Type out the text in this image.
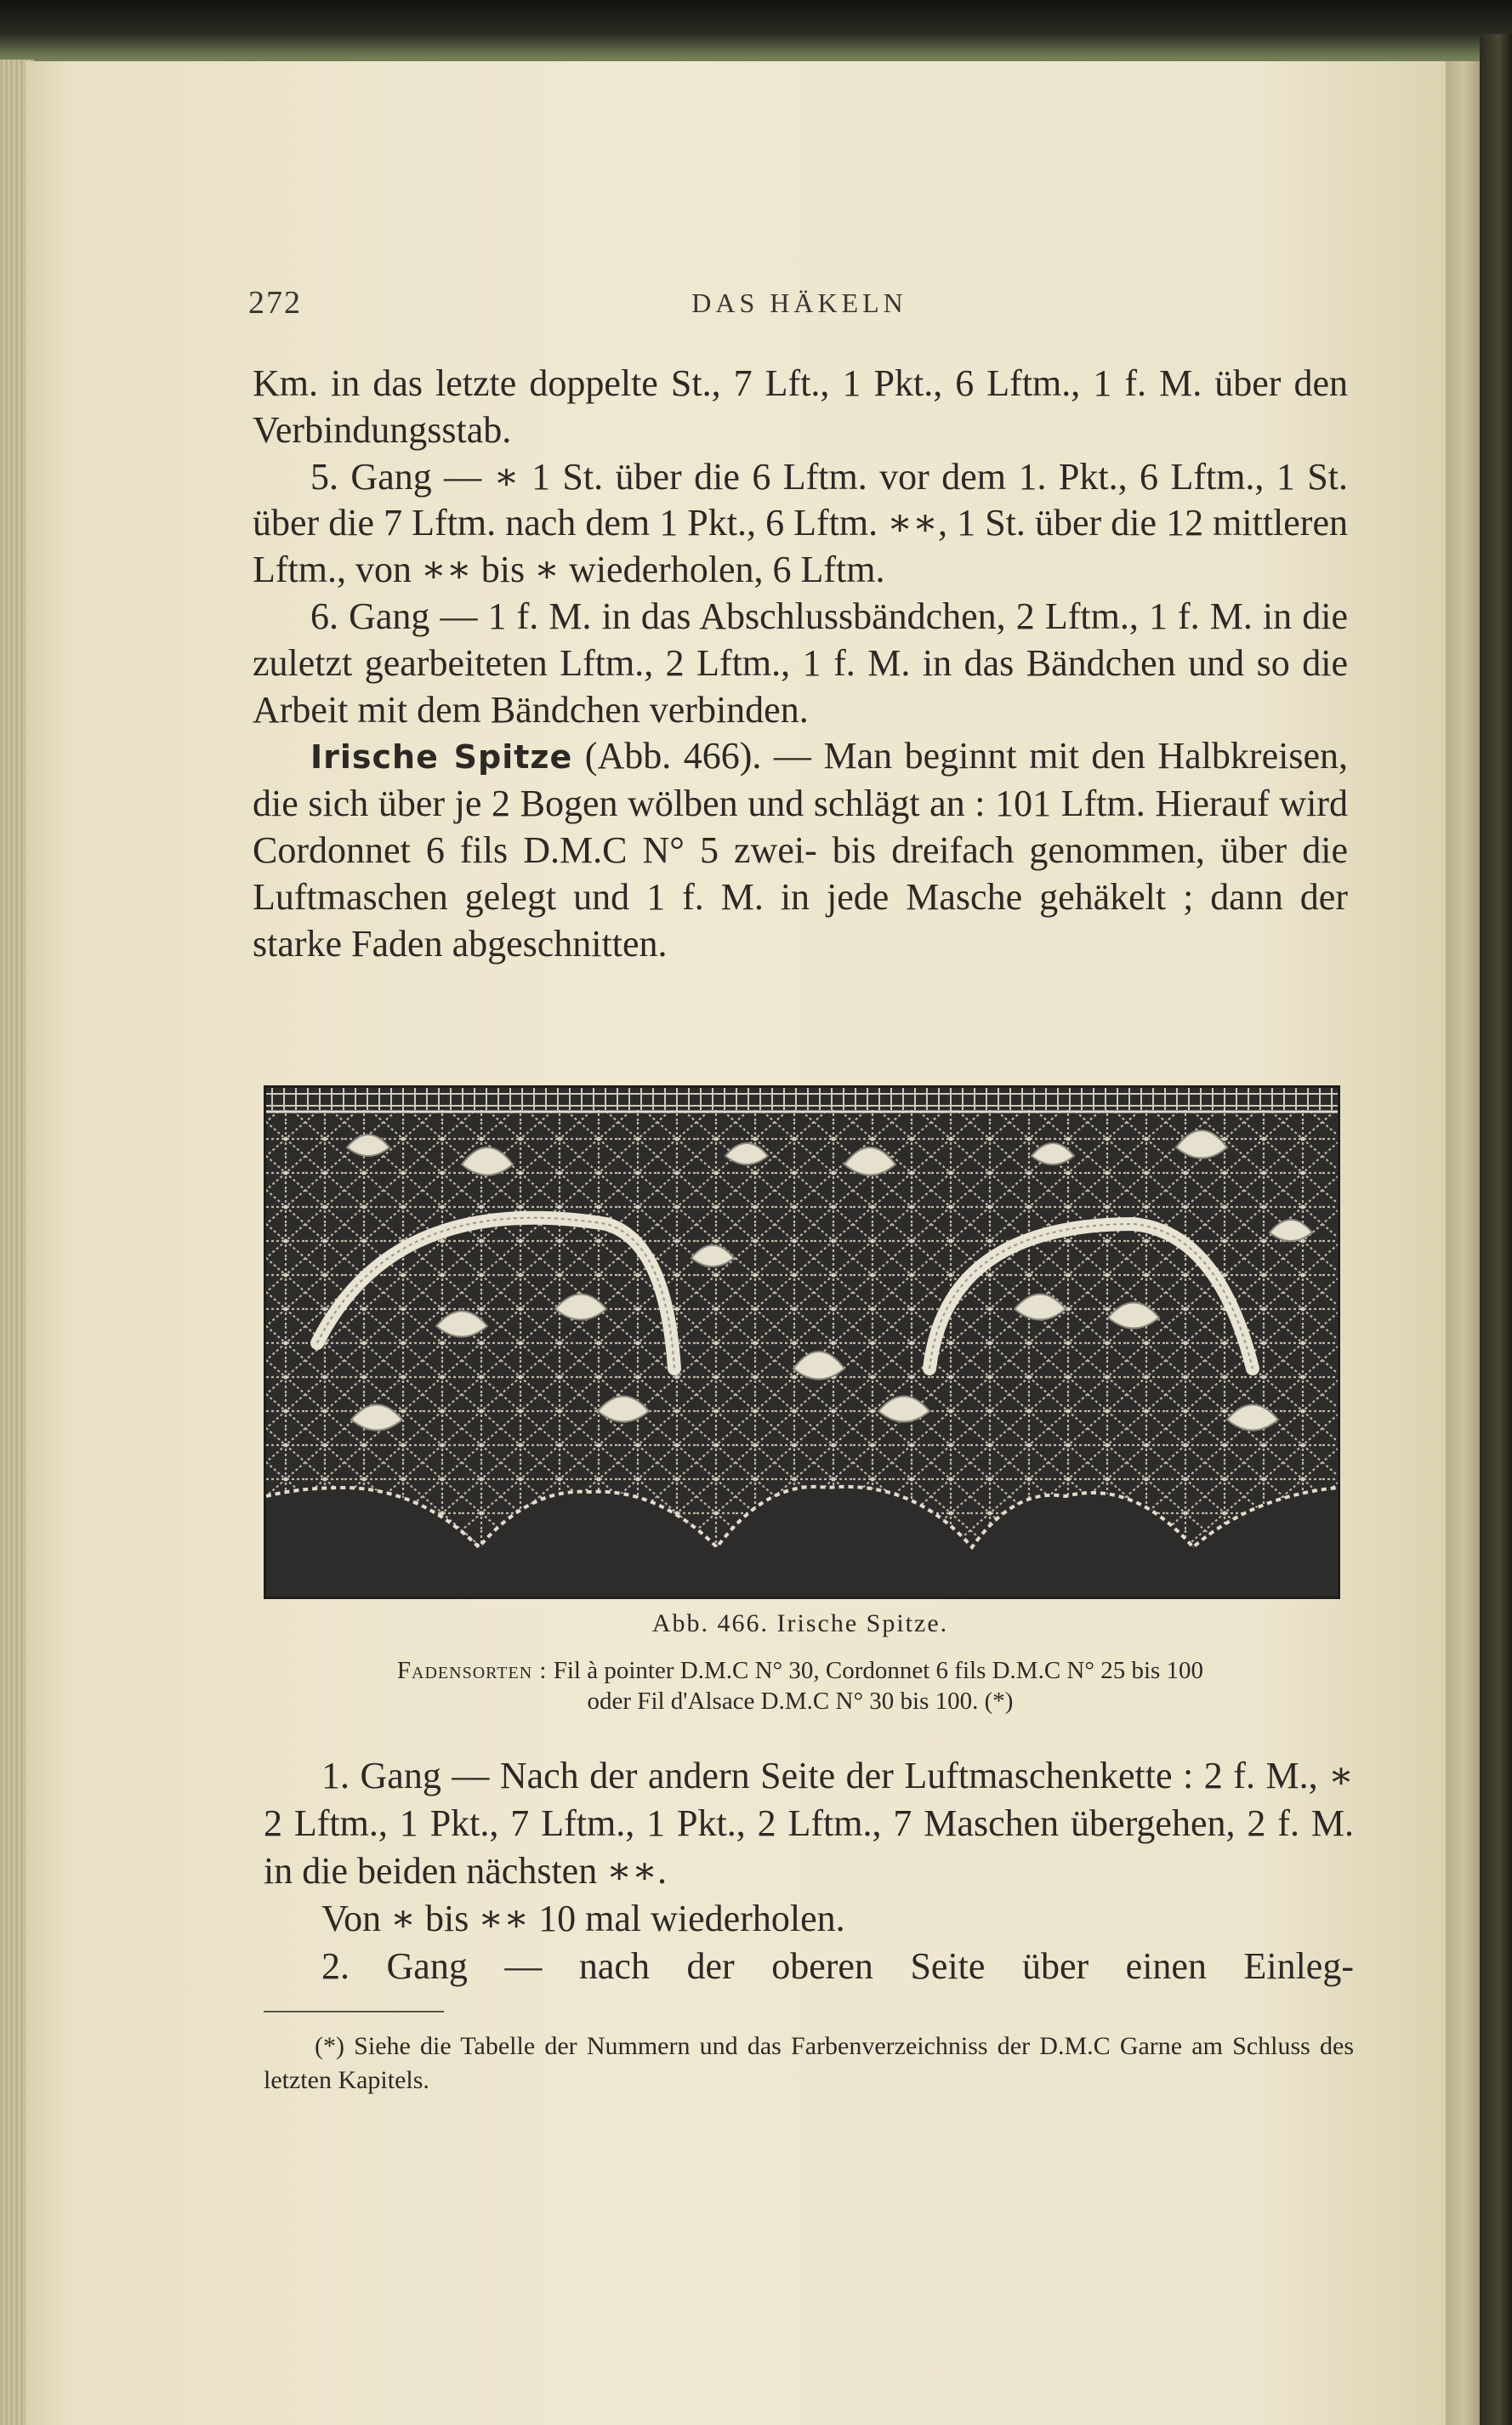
272	DAS HÄKELN

Km. in das letzte doppelte St., 7 Lft., 1 Pkt., 6 Lftm., 1 f. M. über den Verbindungsstab.

5. Gang — ∗ 1 St. über die 6 Lftm. vor dem 1. Pkt., 6 Lftm., 1 St. über die 7 Lftm. nach dem 1 Pkt., 6 Lftm. ∗∗, 1 St. über die 12 mittleren Lftm., von ∗∗ bis ∗ wiederholen, 6 Lftm.

6. Gang — 1 f. M. in das Abschlussbändchen, 2 Lftm., 1 f. M. in die zuletzt gearbeiteten Lftm., 2 Lftm., 1 f. M. in das Bändchen und so die Arbeit mit dem Bändchen verbinden.

Irische Spitze (Abb. 466). — Man beginnt mit den Halbkreisen, die sich über je 2 Bogen wölben und schlägt an : 101 Lftm. Hierauf wird Cordonnet 6 fils D.M.C N° 5 zwei- bis dreifach genommen, über die Luftmaschen gelegt und 1 f. M. in jede Masche gehäkelt ; dann der starke Faden abgeschnitten.

Abb. 466. Irische Spitze.
Fadensorten : Fil à pointer D.M.C N° 30, Cordonnet 6 fils D.M.C N° 25 bis 100
oder Fil d'Alsace D.M.C N° 30 bis 100. (*)

1. Gang — Nach der andern Seite der Luftmaschenkette : 2 f. M., ∗ 2 Lftm., 1 Pkt., 7 Lftm., 1 Pkt., 2 Lftm., 7 Maschen übergehen, 2 f. M. in die beiden nächsten ∗∗.

Von ∗ bis ∗∗ 10 mal wiederholen.

2. Gang — nach der oberen Seite über einen Einleg-

(*) Siehe die Tabelle der Nummern und das Farbenverzeichniss der D.M.C Garne am Schluss des letzten Kapitels.
